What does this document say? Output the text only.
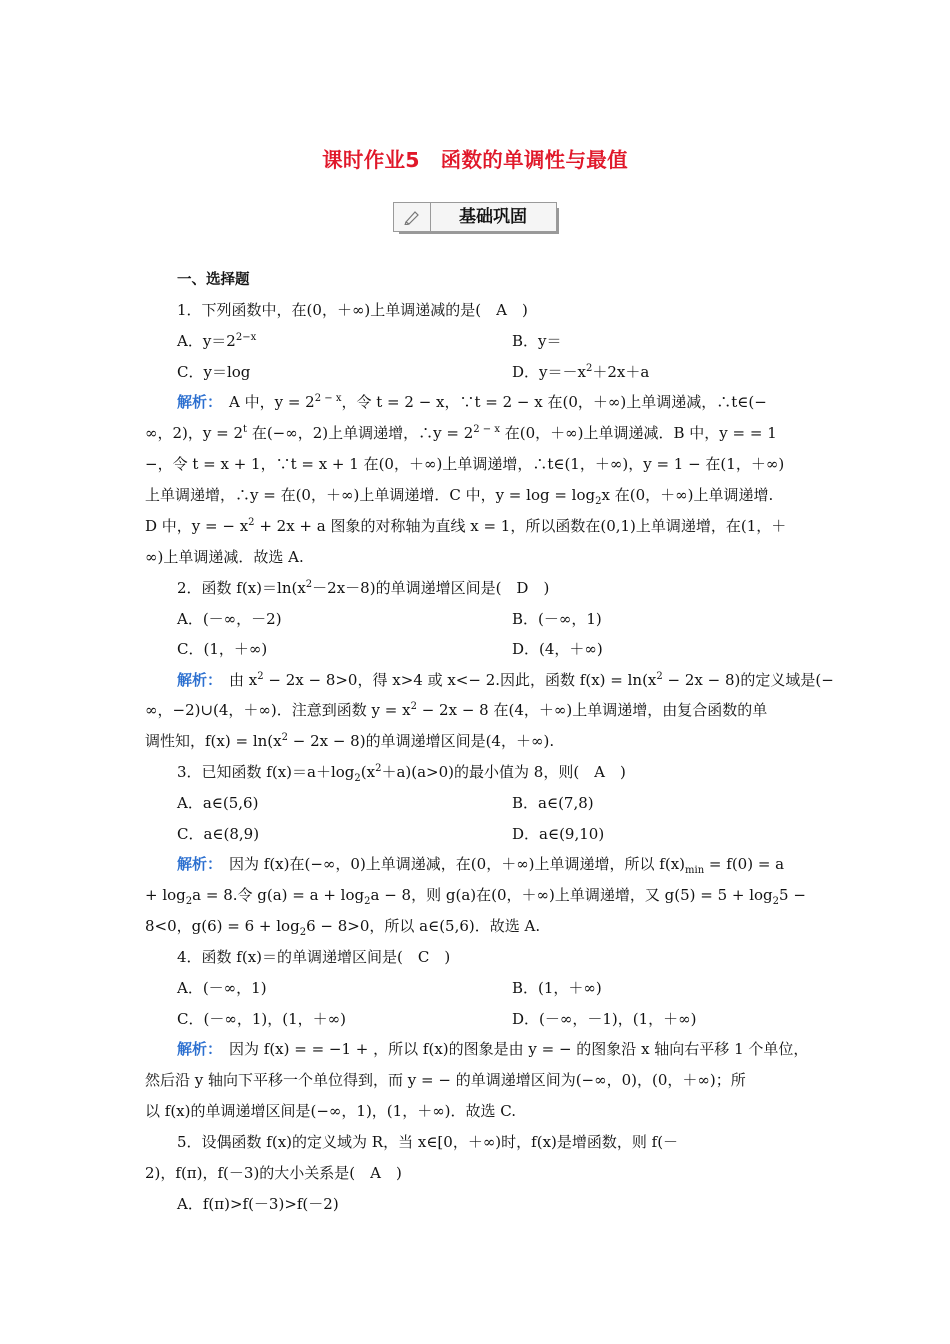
课时作业5　函数的单调性与最值
基础巩固
一、选择题
1．下列函数中，在(0，＋∞)上单调递减的是(　A　)
A．$y=2^{2-x}$	B．y＝
C．y＝log	D．$y=-x^2+2x+a$
解析： A 中，$y = 2^{2 - x}$，令 t = 2 − x，∵t = 2 − x 在(0，＋∞)上单调递减，∴t∈(−
∞，2)，$y = 2^t$ 在(−∞，2)上单调递增，∴y = $2^{2 - x}$ 在(0，＋∞)上单调递减．B 中，y = = 1
−，令 t = x + 1，∵t = x + 1 在(0，＋∞)上单调递增，∴t∈(1，＋∞)，y = 1 − 在(1，＋∞)
上单调递增，∴y = 在(0，＋∞)上单调递增．C 中，$y = \log = \log_2x$ 在(0，＋∞)上单调递增.
D 中，y = − $x^2 + 2x + a$ 图象的对称轴为直线 x = 1，所以函数在(0,1)上单调递增，在(1，＋
∞)上单调递减．故选 A.
2．函数 $f(x)=\ln(x^2-2x-8)$的单调递增区间是(　D　)
A．(－∞，－2)	B．(－∞，1)
C．(1，＋∞)	D．(4，＋∞)
解析： 由 $x^2 - 2x - 8>0$，得 x>4 或 x<− 2.因此，函数 $f(x) = \ln(x^2 - 2x - 8)$的定义域是(−
∞，−2)∪(4，＋∞)．注意到函数 $y = x^2 - 2x - 8$ 在(4，＋∞)上单调递增，由复合函数的单
调性知，$f(x) = \ln(x^2 - 2x - 8)$的单调递增区间是(4，＋∞).
3．已知函数 $f(x)=a+\log_2(x^2+a)(a>0)$的最小值为 8，则(　A　)
A．a∈(5,6)	B．a∈(7,8)
C．a∈(8,9)	D．a∈(9,10)
解析： 因为 f(x)在(−∞，0)上单调递减，在(0，＋∞)上单调递增，所以 $f(x)_{min} = f(0) = a$
+ $\log_2a = 8$.令 $g(a) = a + \log_2a - 8$，则 g(a)在(0，＋∞)上单调递增，又 $g(5) = 5 + \log_25$ −
8<0，$g(6) = 6 + \log_26 - 8>0$，所以 a∈(5,6)．故选 A.
4．函数 f(x)＝的单调递增区间是(　C　)
A．(－∞，1)	B．(1，＋∞)
C．(－∞，1)，(1，＋∞)	D．(－∞，－1)，(1，＋∞)
解析： 因为 f(x) = = −1 + ，所以 f(x)的图象是由 y = − 的图象沿 x 轴向右平移 1 个单位，
然后沿 y 轴向下平移一个单位得到，而 y = − 的单调递增区间为(−∞，0)，(0，＋∞)；所
以 f(x)的单调递增区间是(−∞，1)，(1，＋∞)．故选 C.
5．设偶函数 f(x)的定义域为 R，当 x∈[0，＋∞)时，f(x)是增函数，则 f(－
2)，f(π)，f(－3)的大小关系是(　A　)
A．f(π)>f(－3)>f(－2)
